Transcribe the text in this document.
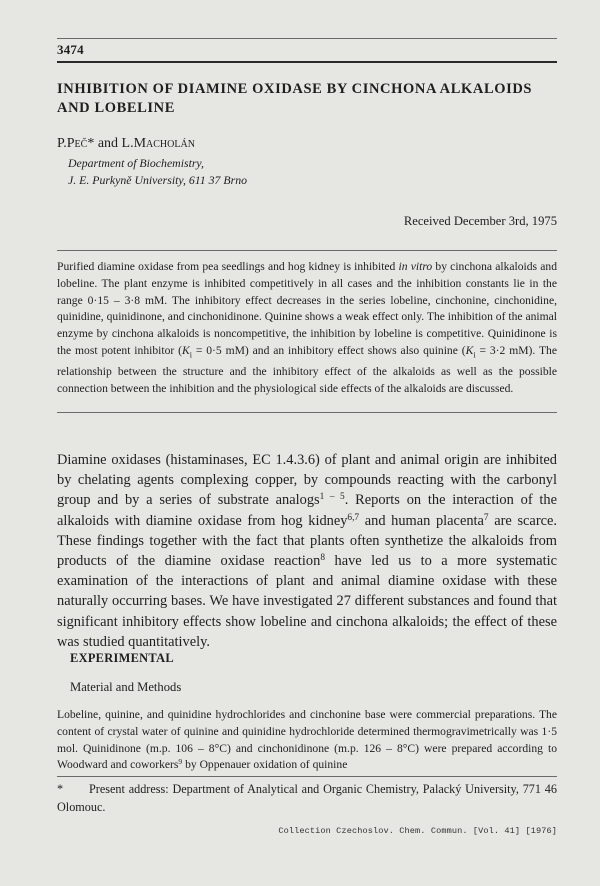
3474
INHIBITION OF DIAMINE OXIDASE BY CINCHONA ALKALOIDS
AND LOBELINE
P.Peč* and L.Macholán
Department of Biochemistry,
J. E. Purkyně University, 611 37 Brno
Received December 3rd, 1975
Purified diamine oxidase from pea seedlings and hog kidney is inhibited in vitro by cinchona alkaloids and lobeline. The plant enzyme is inhibited competitively in all cases and the inhibition constants lie in the range 0·15 – 3·8 mM. The inhibitory effect decreases in the series lobeline, cinchonine, cinchonidine, quinidine, quinidinone, and cinchonidinone. Quinine shows a weak effect only. The inhibition of the animal enzyme by cinchona alkaloids is noncompetitive, the inhibition by lobeline is competitive. Quinidinone is the most potent inhibitor ($K_i = 0\cdot 5$ mM) and an inhibitory effect shows also quinine ($K_i = 3\cdot 2$ mM). The relationship between the structure and the inhibitory effect of the alkaloids as well as the possible connection between the inhibition and the physiological side effects of the alkaloids are discussed.
Diamine oxidases (histaminases, EC 1.4.3.6) of plant and animal origin are inhibited by chelating agents complexing copper, by compounds reacting with the carbonyl group and by a series of substrate analogs$^{1 - 5}$. Reports on the interaction of the alkaloids with diamine oxidase from hog kidney$^{6,7}$ and human placenta$^7$ are scarce. These findings together with the fact that plants often synthetize the alkaloids from products of the diamine oxidase reaction$^8$ have led us to a more systematic examination of the interactions of plant and animal diamine oxidase with these naturally occurring bases. We have investigated 27 different substances and found that significant inhibitory effects show lobeline and cinchona alkaloids; the effect of these was studied quantitatively.
EXPERIMENTAL
Material and Methods
Lobeline, quinine, and quinidine hydrochlorides and cinchonine base were commercial preparations. The content of crystal water of quinine and quinidine hydrochloride determined thermogravimetrically was 1·5 mol. Quinidinone (m.p. 106 – 8°C) and cinchonidinone (m.p. 126 – 8°C) were prepared according to Woodward and coworkers$^9$ by Oppenauer oxidation of quinine
* Present address: Department of Analytical and Organic Chemistry, Palacký University, 771 46 Olomouc.
Collection Czechoslov. Chem. Commun. [Vol. 41] [1976]
